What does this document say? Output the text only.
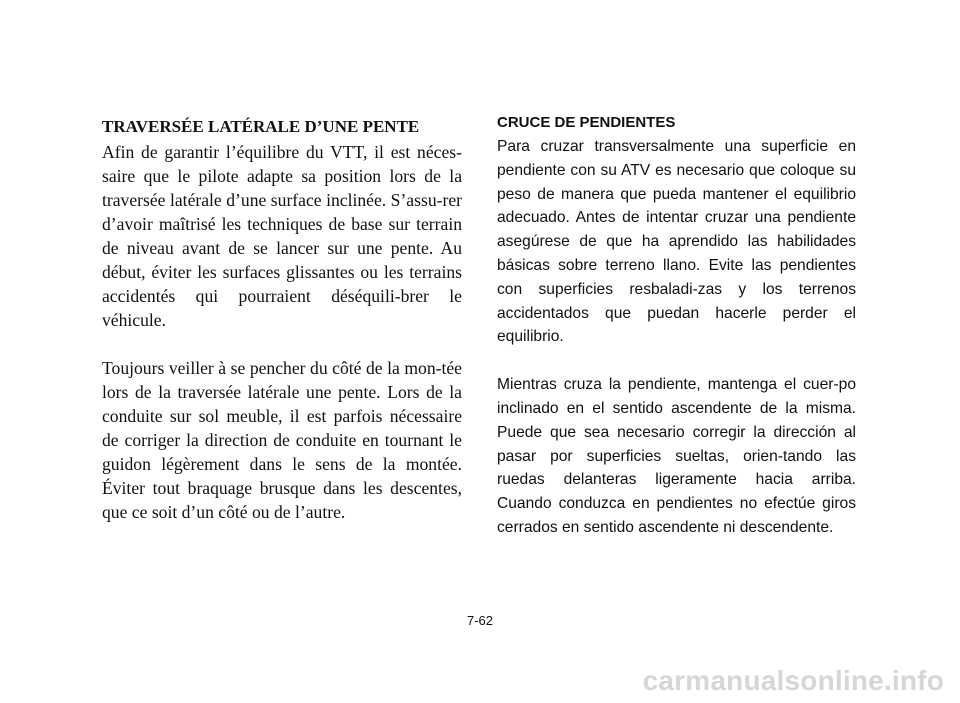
TRAVERSÉE LATÉRALE D’UNE PENTE

Afin de garantir l’équilibre du VTT, il est néces-saire que le pilote adapte sa position lors de la traversée latérale d’une surface inclinée. S’assu-rer d’avoir maîtrisé les techniques de base sur terrain de niveau avant de se lancer sur une pente. Au début, éviter les surfaces glissantes ou les terrains accidentés qui pourraient déséquili-brer le véhicule.

Toujours veiller à se pencher du côté de la mon-tée lors de la traversée latérale une pente. Lors de la conduite sur sol meuble, il est parfois nécessaire de corriger la direction de conduite en tournant le guidon légèrement dans le sens de la montée. Éviter tout braquage brusque dans les descentes, que ce soit d’un côté ou de l’autre.

CRUCE DE PENDIENTES

Para cruzar transversalmente una superficie en pendiente con su ATV es necesario que coloque su peso de manera que pueda mantener el equilibrio adecuado. Antes de intentar cruzar una pendiente asegúrese de que ha aprendido las habilidades básicas sobre terreno llano. Evite las pendientes con superficies resbaladi-zas y los terrenos accidentados que puedan hacerle perder el equilibrio.

Mientras cruza la pendiente, mantenga el cuer-po inclinado en el sentido ascendente de la misma. Puede que sea necesario corregir la dirección al pasar por superficies sueltas, orien-tando las ruedas delanteras ligeramente hacia arriba. Cuando conduzca en pendientes no efectúe giros cerrados en sentido ascendente ni descendente.

7-62
carmanualsonline.info
